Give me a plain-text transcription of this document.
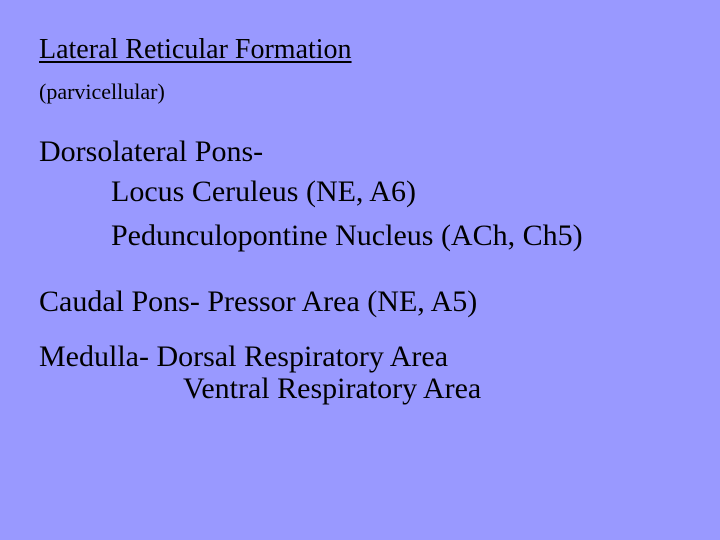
Lateral Reticular Formation
(parvicellular)
Dorsolateral Pons-
Locus Ceruleus (NE, A6)
Pedunculopontine Nucleus (ACh, Ch5)
Caudal Pons- Pressor Area (NE, A5)
Medulla- Dorsal Respiratory Area
Ventral Respiratory Area
